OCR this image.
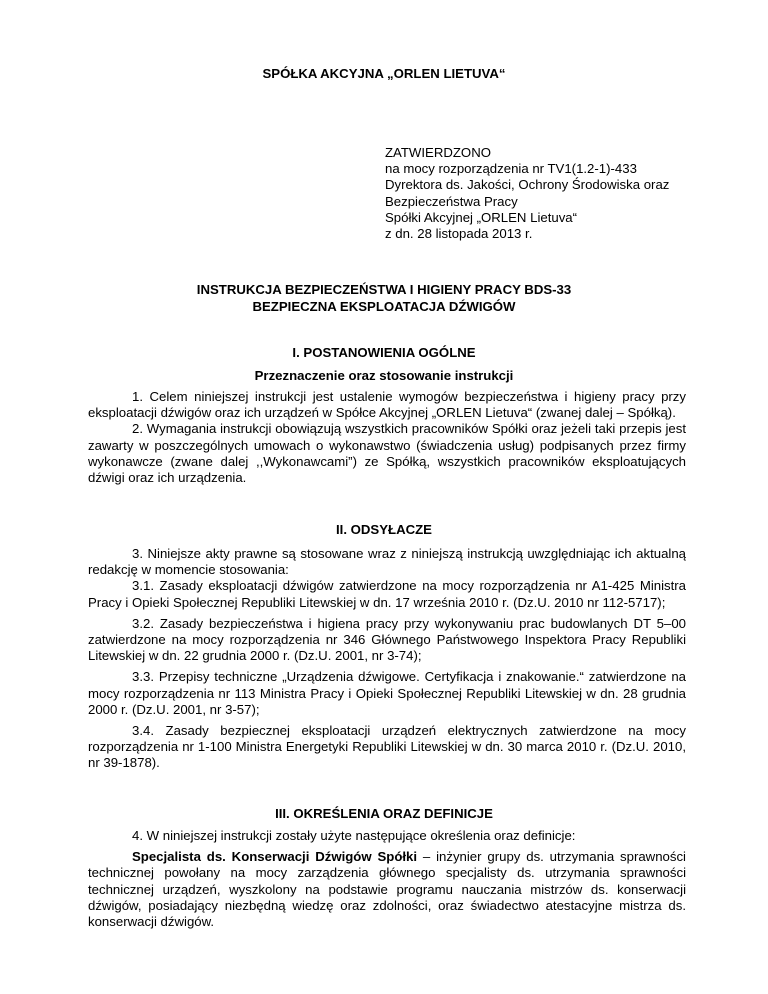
SPÓŁKA AKCYJNA „ORLEN LIETUVA“
ZATWIERDZONO
na mocy rozporządzenia nr TV1(1.2-1)-433
Dyrektora ds. Jakości, Ochrony Środowiska oraz
Bezpieczeństwa Pracy
Spółki Akcyjnej „ORLEN Lietuva“
z dn. 28 listopada 2013 r.
INSTRUKCJA BEZPIECZEŃSTWA I HIGIENY PRACY BDS-33
BEZPIECZNA EKSPLOATACJA DŹWIGÓW
I. POSTANOWIENIA OGÓLNE
Przeznaczenie oraz stosowanie instrukcji

1. Celem niniejszej instrukcji jest ustalenie wymogów bezpieczeństwa i higieny pracy przy eksploatacji dźwigów oraz ich urządzeń w Spółce Akcyjnej „ORLEN Lietuva“ (zwanej dalej – Spółką).

2. Wymagania instrukcji obowiązują wszystkich pracowników Spółki oraz jeżeli taki przepis jest zawarty w poszczególnych umowach o wykonawstwo (świadczenia usług) podpisanych przez firmy wykonawcze (zwane dalej ,,Wykonawcami”) ze Spółką, wszystkich pracowników eksploatujących dźwigi oraz ich urządzenia.

II. ODSYŁACZE

3. Niniejsze akty prawne są stosowane wraz z niniejszą instrukcją uwzględniając ich aktualną redakcję w momencie stosowania:

3.1. Zasady eksploatacji dźwigów zatwierdzone na mocy rozporządzenia nr A1-425 Ministra Pracy i Opieki Społecznej Republiki Litewskiej w dn. 17 września 2010 r. (Dz.U. 2010 nr 112-5717);

3.2. Zasady bezpieczeństwa i higiena pracy przy wykonywaniu prac budowlanych DT 5–00 zatwierdzone na mocy rozporządzenia nr 346 Głównego Państwowego Inspektora Pracy Republiki Litewskiej w dn. 22 grudnia 2000 r. (Dz.U. 2001, nr 3-74);

3.3. Przepisy techniczne „Urządzenia dźwigowe. Certyfikacja i znakowanie.“ zatwierdzone na mocy rozporządzenia nr 113 Ministra Pracy i Opieki Społecznej Republiki Litewskiej w dn. 28 grudnia 2000 r. (Dz.U. 2001, nr 3-57);

3.4. Zasady bezpiecznej eksploatacji urządzeń elektrycznych zatwierdzone na mocy rozporządzenia nr 1-100 Ministra Energetyki Republiki Litewskiej w dn. 30 marca 2010 r. (Dz.U. 2010, nr 39-1878).

III. OKREŚLENIA ORAZ DEFINICJE

4. W niniejszej instrukcji zostały użyte następujące określenia oraz definicje:

Specjalista ds. Konserwacji Dźwigów Spółki – inżynier grupy ds. utrzymania sprawności technicznej powołany na mocy zarządzenia głównego specjalisty ds. utrzymania sprawności technicznej urządzeń, wyszkolony na podstawie programu nauczania mistrzów ds. konserwacji dźwigów, posiadający niezbędną wiedzę oraz zdolności, oraz świadectwo atestacyjne mistrza ds. konserwacji dźwigów.
